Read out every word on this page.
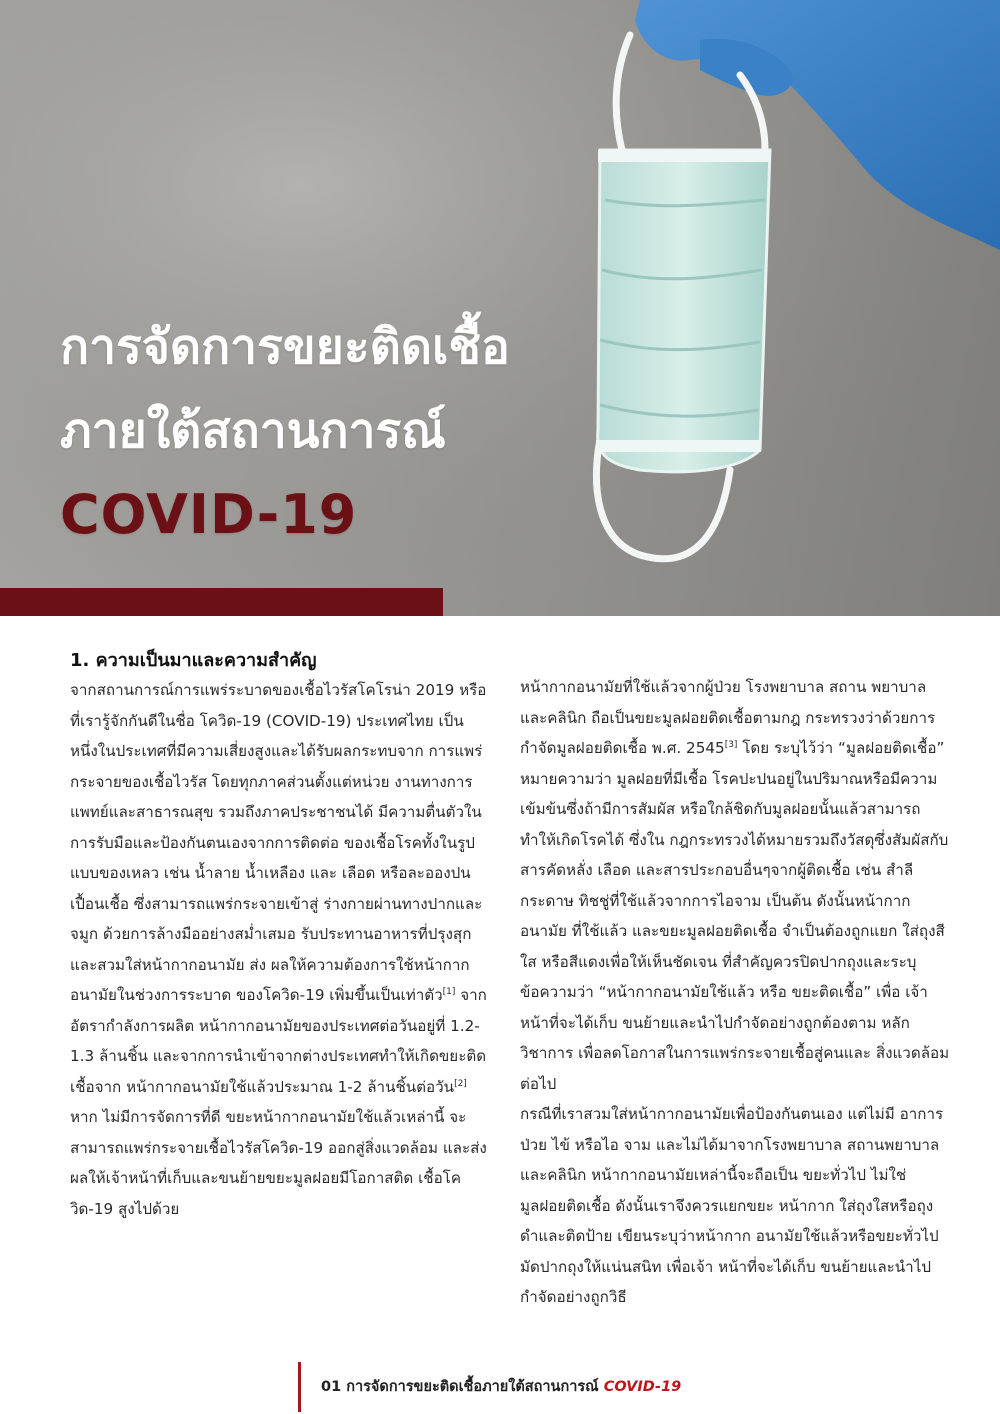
การจัดการขยะติดเชื้อ
ภายใต้สถานการณ์
COVID-19
1. ความเป็นมาและความสำคัญ

จากสถานการณ์การแพร่ระบาดของเชื้อไวรัสโคโรน่า 2019 หรือที่เรารู้จักกันดีในชื่อ โควิด-19 (COVID-19) ประเทศไทย เป็นหนึ่งในประเทศที่มีความเสี่ยงสูงและได้รับผลกระทบจาก การแพร่กระจายของเชื้อไวรัส โดยทุกภาคส่วนตั้งแต่หน่วย งานทางการแพทย์และสาธารณสุข รวมถึงภาคประชาชนได้ มีความตื่นตัวในการรับมือและป้องกันตนเองจากการติดต่อ ของเชื้อโรคทั้งในรูปแบบของเหลว เช่น น้ำลาย น้ำเหลือง และ เลือด หรือละอองปนเปื้อนเชื้อ ซึ่งสามารถแพร่กระจายเข้าสู่ ร่างกายผ่านทางปากและจมูก ด้วยการล้างมืออย่างสม่ำเสมอ รับประทานอาหารที่ปรุงสุกและสวมใส่หน้ากากอนามัย ส่ง ผลให้ความต้องการใช้หน้ากากอนามัยในช่วงการระบาด ของโควิด-19 เพิ่มขึ้นเป็นเท่าตัว[1] จากอัตรากำลังการผลิต หน้ากากอนามัยของประเทศต่อวันอยู่ที่ 1.2-1.3 ล้านชิ้น และจากการนำเข้าจากต่างประเทศทำให้เกิดขยะติดเชื้อจาก หน้ากากอนามัยใช้แล้วประมาณ 1-2 ล้านชิ้นต่อวัน[2] หาก ไม่มีการจัดการที่ดี ขยะหน้ากากอนามัยใช้แล้วเหล่านี้ จะ สามารถแพร่กระจายเชื้อไวรัสโควิด-19 ออกสู่สิ่งแวดล้อม และส่งผลให้เจ้าหน้าที่เก็บและขนย้ายขยะมูลฝอยมีโอกาสติด เชื้อโควิด-19 สูงไปด้วย

หน้ากากอนามัยที่ใช้แล้วจากผู้ป่วย โรงพยาบาล สถาน พยาบาล และคลินิก ถือเป็นขยะมูลฝอยติดเชื้อตามกฎ กระทรวงว่าด้วยการกำจัดมูลฝอยติดเชื้อ พ.ศ. 2545[3] โดย ระบุไว้ว่า “มูลฝอยติดเชื้อ” หมายความว่า มูลฝอยที่มีเชื้อ โรคปะปนอยู่ในปริมาณหรือมีความเข้มข้นซึ่งถ้ามีการสัมผัส หรือใกล้ชิดกับมูลฝอยนั้นแล้วสามารถทำให้เกิดโรคได้ ซึ่งใน กฎกระทรวงได้หมายรวมถึงวัสดุซึ่งสัมผัสกับสารคัดหลั่ง เลือด และสารประกอบอื่นๆจากผู้ติดเชื้อ เช่น สำลี กระดาษ ทิชชู่ที่ใช้แล้วจากการไอจาม เป็นต้น ดังนั้นหน้ากากอนามัย ที่ใช้แล้ว และขยะมูลฝอยติดเชื้อ จำเป็นต้องถูกแยก ใส่ถุงสีใส หรือสีแดงเพื่อให้เห็นชัดเจน ที่สำคัญควรปิดปากถุงและระบุ ข้อความว่า “หน้ากากอนามัยใช้แล้ว หรือ ขยะติดเชื้อ” เพื่อ เจ้าหน้าที่จะได้เก็บ ขนย้ายและนำไปกำจัดอย่างถูกต้องตาม หลักวิชาการ เพื่อลดโอกาสในการแพร่กระจายเชื้อสู่คนและ สิ่งแวดล้อมต่อไป

กรณีที่เราสวมใส่หน้ากากอนามัยเพื่อป้องกันตนเอง แต่ไม่มี อาการป่วย ไข้ หรือไอ จาม และไม่ได้มาจากโรงพยาบาล สถานพยาบาล และคลินิก หน้ากากอนามัยเหล่านี้จะถือเป็น ขยะทั่วไป ไม่ใช่มูลฝอยติดเชื้อ ดังนั้นเราจึงควรแยกขยะ หน้ากาก ใส่ถุงใสหรือถุงดำและติดป้าย เขียนระบุว่าหน้ากาก อนามัยใช้แล้วหรือขยะทั่วไป มัดปากถุงให้แน่นสนิท เพื่อเจ้า หน้าที่จะได้เก็บ ขนย้ายและนำไปกำจัดอย่างถูกวิธี

01 การจัดการขยะติดเชื้อภายใต้สถานการณ์ COVID-19
